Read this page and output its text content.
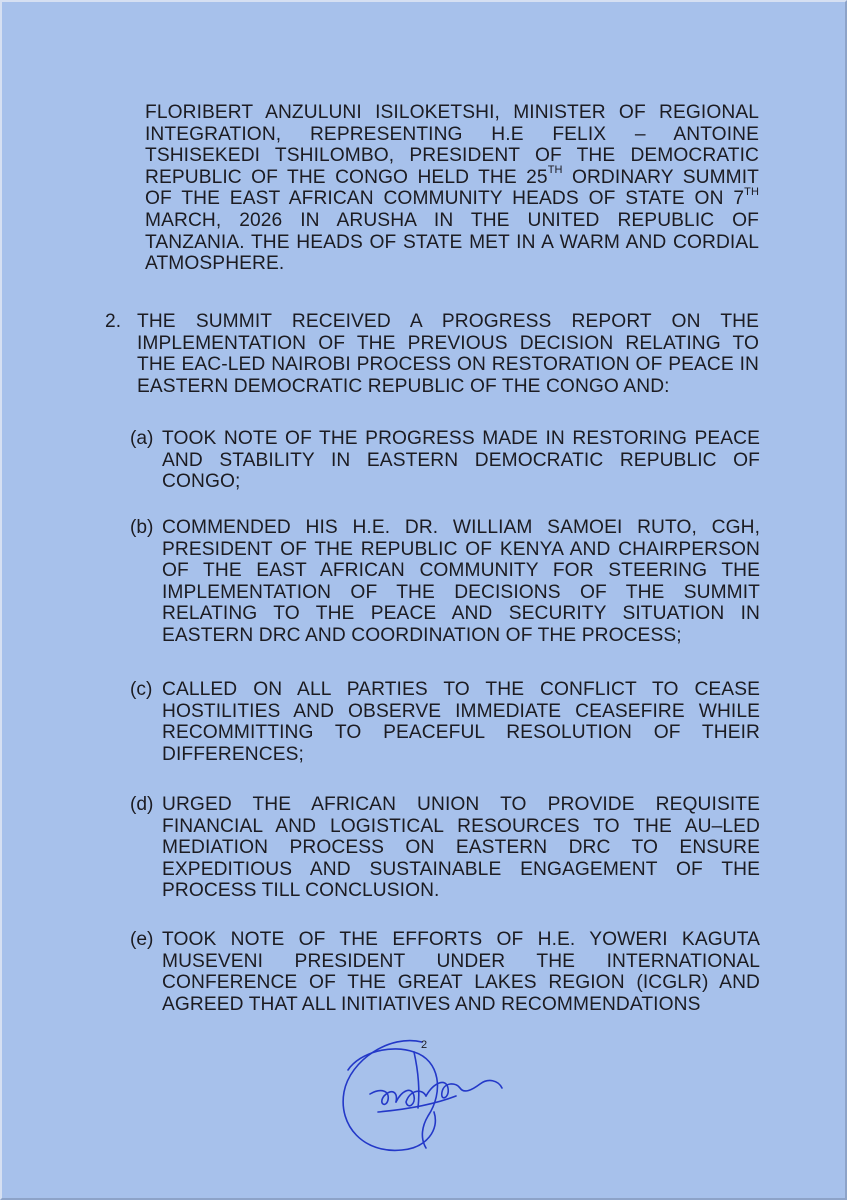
FLORIBERT ANZULUNI ISILOKETSHI, MINISTER OF REGIONAL INTEGRATION, REPRESENTING H.E FELIX – ANTOINE TSHISEKEDI TSHILOMBO, PRESIDENT OF THE DEMOCRATIC REPUBLIC OF THE CONGO HELD THE 25TH ORDINARY SUMMIT OF THE EAST AFRICAN COMMUNITY HEADS OF STATE ON 7TH MARCH, 2026 IN ARUSHA IN THE UNITED REPUBLIC OF TANZANIA. THE HEADS OF STATE MET IN A WARM AND CORDIAL ATMOSPHERE.

2. THE SUMMIT RECEIVED A PROGRESS REPORT ON THE IMPLEMENTATION OF THE PREVIOUS DECISION RELATING TO THE EAC-LED NAIROBI PROCESS ON RESTORATION OF PEACE IN EASTERN DEMOCRATIC REPUBLIC OF THE CONGO AND:

(a) TOOK NOTE OF THE PROGRESS MADE IN RESTORING PEACE AND STABILITY IN EASTERN DEMOCRATIC REPUBLIC OF CONGO;

(b) COMMENDED HIS H.E. DR. WILLIAM SAMOEI RUTO, CGH, PRESIDENT OF THE REPUBLIC OF KENYA AND CHAIRPERSON OF THE EAST AFRICAN COMMUNITY FOR STEERING THE IMPLEMENTATION OF THE DECISIONS OF THE SUMMIT RELATING TO THE PEACE AND SECURITY SITUATION IN EASTERN DRC AND COORDINATION OF THE PROCESS;

(c) CALLED ON ALL PARTIES TO THE CONFLICT TO CEASE HOSTILITIES AND OBSERVE IMMEDIATE CEASEFIRE WHILE RECOMMITTING TO PEACEFUL RESOLUTION OF THEIR DIFFERENCES;

(d) URGED THE AFRICAN UNION TO PROVIDE REQUISITE FINANCIAL AND LOGISTICAL RESOURCES TO THE AU–LED MEDIATION PROCESS ON EASTERN DRC TO ENSURE EXPEDITIOUS AND SUSTAINABLE ENGAGEMENT OF THE PROCESS TILL CONCLUSION.

(e) TOOK NOTE OF THE EFFORTS OF H.E. YOWERI KAGUTA MUSEVENI PRESIDENT UNDER THE INTERNATIONAL CONFERENCE OF THE GREAT LAKES REGION (ICGLR) AND AGREED THAT ALL INITIATIVES AND RECOMMENDATIONS

2
